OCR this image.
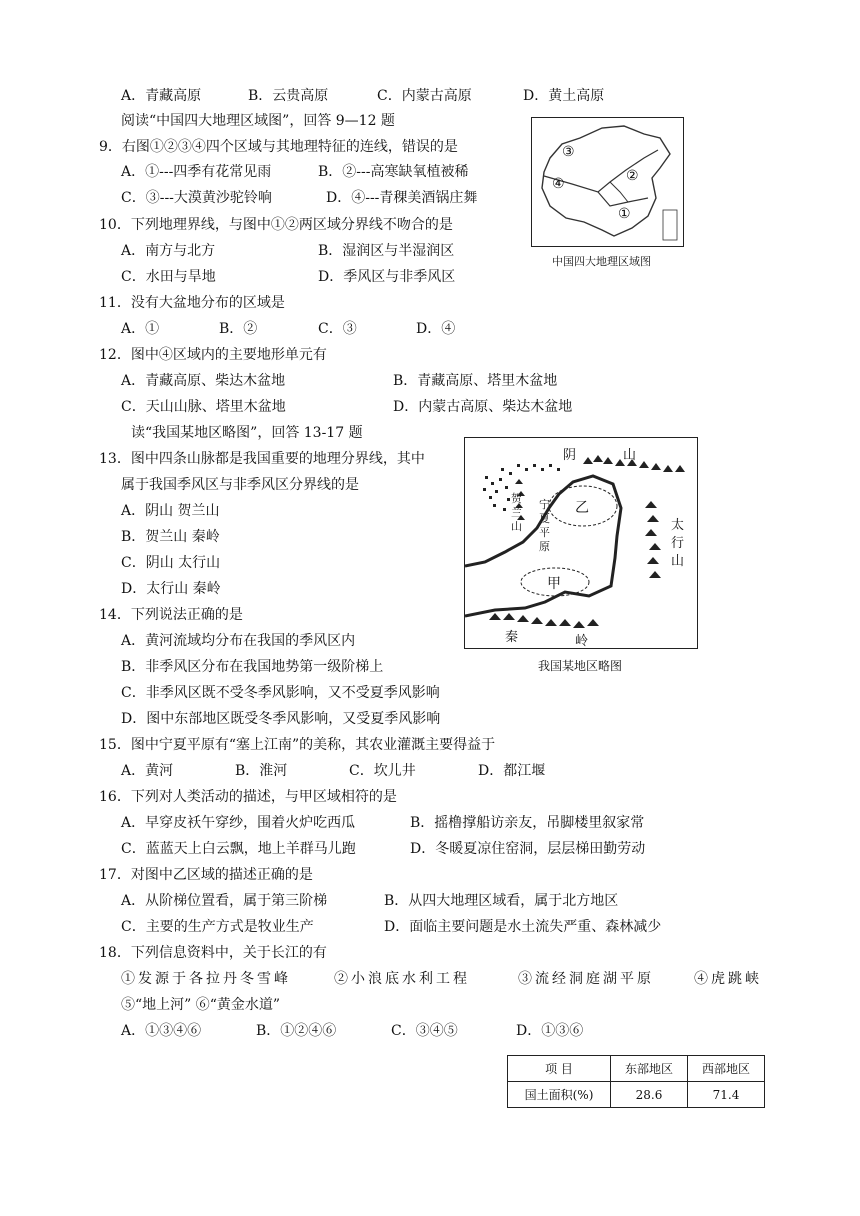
A．青藏高原	B．云贵高原	C．内蒙古高原	D．黄土高原
阅读“中国四大地理区域图”，回答 9—12 题
9．右图①②③④四个区域与其地理特征的连线，错误的是
A．①---四季有花常见雨	B．②---高寒缺氧植被稀
C．③---大漠黄沙驼铃响	D．④---青稞美酒锅庄舞
10．下列地理界线，与图中①②两区域分界线不吻合的是
A．南方与北方	B．湿润区与半湿润区
C．水田与旱地	D．季风区与非季风区
11．没有大盆地分布的区域是
A．①	B．②	C．③	D．④
12．图中④区域内的主要地形单元有
A．青藏高原、柴达木盆地	B．青藏高原、塔里木盆地
C．天山山脉、塔里木盆地	D．内蒙古高原、柴达木盆地
读“我国某地区略图”，回答 13-17 题
13．图中四条山脉都是我国重要的地理分界线，其中
属于我国季风区与非季风区分界线的是
A．阴山 贺兰山
B．贺兰山 秦岭
C．阴山 太行山
D．太行山 秦岭
14．下列说法正确的是
A．黄河流域均分布在我国的季风区内
B．非季风区分布在我国地势第一级阶梯上
C．非季风区既不受冬季风影响，又不受夏季风影响
D．图中东部地区既受冬季风影响，又受夏季风影响
15．图中宁夏平原有“塞上江南”的美称，其农业灌溉主要得益于
A．黄河	B．淮河	C．坎儿井	D．都江堰
16．下列对人类活动的描述，与甲区域相符的是
A．早穿皮袄午穿纱，围着火炉吃西瓜	B．摇橹撑船访亲友，吊脚楼里叙家常
C．蓝蓝天上白云飘，地上羊群马儿跑	D．冬暖夏凉住窑洞，层层梯田勤劳动
17．对图中乙区域的描述正确的是
A．从阶梯位置看，属于第三阶梯	B．从四大地理区域看，属于北方地区
C．主要的生产方式是牧业生产	D．面临主要问题是水土流失严重、森林减少
18．下列信息资料中，关于长江的有
①发源于各拉丹冬雪峰	②小浪底水利工程	③流经洞庭湖平原	④虎跳峡
⑤“地上河” ⑥“黄金水道”
A．①③④⑥	B．①②④⑥	C．③④⑤	D．①③⑥
③
④	②
①
中国四大地理区域图
阴	山
太
行
山
贺
兰
山
宁
夏
平
原
乙
甲
秦	岭
我国某地区略图
项 目	东部地区	西部地区
国土面积(%)	28.6	71.4
